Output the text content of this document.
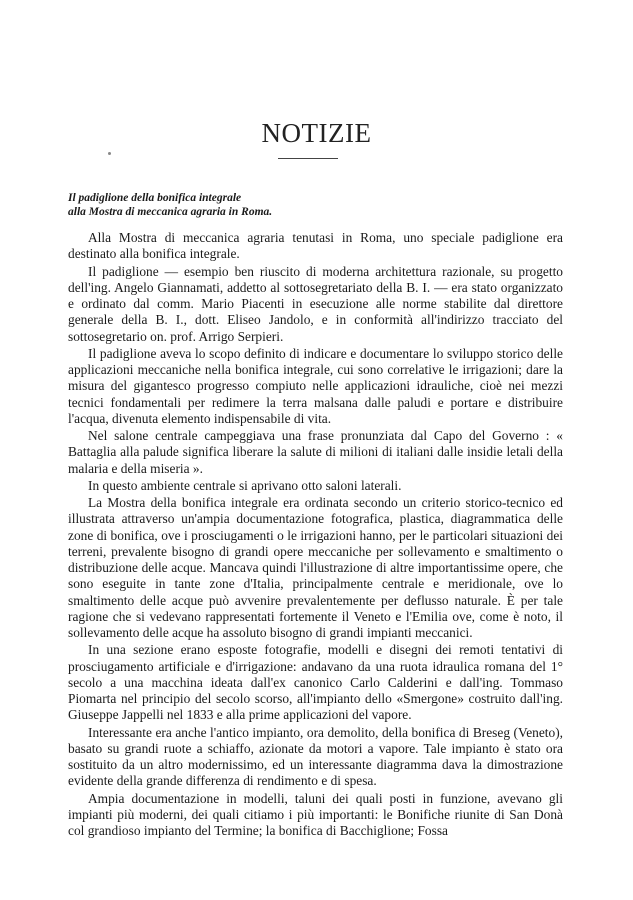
NOTIZIE
Il padiglione della bonifica integrale
alla Mostra di meccanica agraria in Roma.

Alla Mostra di meccanica agraria tenutasi in Roma, uno speciale padiglione era destinato alla bonifica integrale.

Il padiglione — esempio ben riuscito di moderna architettura razionale, su progetto dell'ing. Angelo Giannamati, addetto al sottosegretariato della B. I. — era stato organizzato e ordinato dal comm. Mario Piacenti in esecuzione alle norme stabilite dal direttore generale della B. I., dott. Eliseo Jandolo, e in conformità all'indirizzo tracciato del sottosegretario on. prof. Arrigo Serpieri.

Il padiglione aveva lo scopo definito di indicare e documentare lo sviluppo storico delle applicazioni meccaniche nella bonifica integrale, cui sono correlative le irrigazioni; dare la misura del gigantesco progresso compiuto nelle applicazioni idrauliche, cioè nei mezzi tecnici fondamentali per redimere la terra malsana dalle paludi e portare e distribuire l'acqua, divenuta elemento indispensabile di vita.

Nel salone centrale campeggiava una frase pronunziata dal Capo del Governo : « Battaglia alla palude significa liberare la salute di milioni di italiani dalle insidie letali della malaria e della miseria ».

In questo ambiente centrale si aprivano otto saloni laterali.

La Mostra della bonifica integrale era ordinata secondo un criterio storico-tecnico ed illustrata attraverso un'ampia documentazione fotografica, plastica, diagrammatica delle zone di bonifica, ove i prosciugamenti o le irrigazioni hanno, per le particolari situazioni dei terreni, prevalente bisogno di grandi opere meccaniche per sollevamento e smaltimento o distribuzione delle acque. Mancava quindi l'illustrazione di altre importantissime opere, che sono eseguite in tante zone d'Italia, principalmente centrale e meridionale, ove lo smaltimento delle acque può avvenire prevalentemente per deflusso naturale. È per tale ragione che si vedevano rappresentati fortemente il Veneto e l'Emilia ove, come è noto, il sollevamento delle acque ha assoluto bisogno di grandi impianti meccanici.

In una sezione erano esposte fotografie, modelli e disegni dei remoti tentativi di prosciugamento artificiale e d'irrigazione: andavano da una ruota idraulica romana del 1° secolo a una macchina ideata dall'ex canonico Carlo Calderini e dall'ing. Tommaso Piomarta nel principio del secolo scorso, all'impianto dello «Smergone» costruito dall'ing. Giuseppe Jappelli nel 1833 e alla prime applicazioni del vapore.

Interessante era anche l'antico impianto, ora demolito, della bonifica di Breseg (Veneto), basato su grandi ruote a schiaffo, azionate da motori a vapore. Tale impianto è stato ora sostituito da un altro modernissimo, ed un interessante diagramma dava la dimostrazione evidente della grande differenza di rendimento e di spesa.

Ampia documentazione in modelli, taluni dei quali posti in funzione, avevano gli impianti più moderni, dei quali citiamo i più importanti: le Bonifiche riunite di San Donà col grandioso impianto del Termine; la bonifica di Bacchiglione; Fossa
